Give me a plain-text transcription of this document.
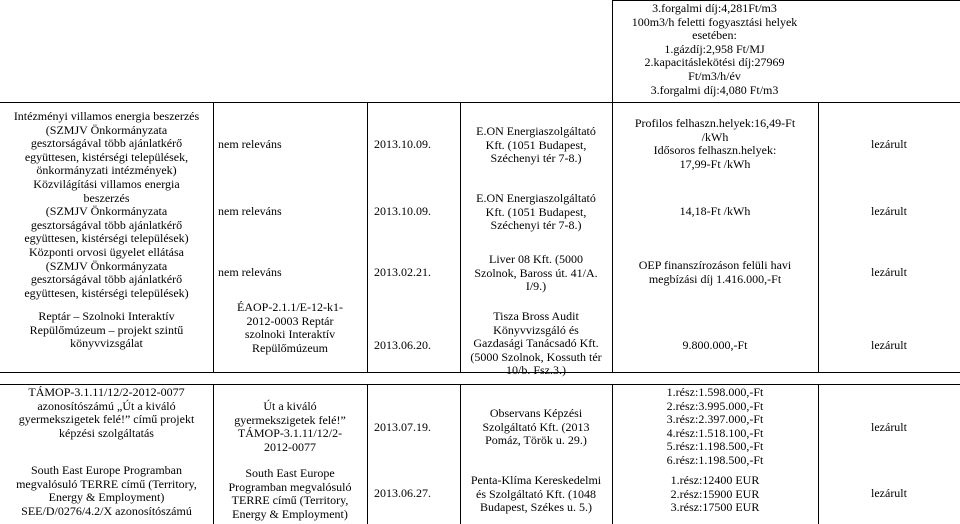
3.forgalmi díj:4,281Ft/m3
100m3/h feletti fogyasztási helyek
esetében:
1.gázdíj:2,958 Ft/MJ
2.kapacitáslekötési díj:27969
Ft/m3/h/év
3.forgalmi díj:4,080 Ft/m3
Intézményi villamos energia beszerzés
(SZMJV Önkormányzata
gesztorságával több ajánlatkérő
együttesen, kistérségi települések,
önkormányzati intézmények)
Közvilágítási villamos energia
beszerzés
(SZMJV Önkormányzata
gesztorságával több ajánlatkérő
együttesen, kistérségi települések)
Központi orvosi ügyelet ellátása
(SZMJV Önkormányzata
gesztorságával több ajánlatkérő
együttesen, kistérségi települések)
Reptár – Szolnoki Interaktív
Repülőmúzeum – projekt szintű
könyvvizsgálat
nem releváns
nem releváns
nem releváns
ÉAOP-2.1.1/E-12-k1-
2012-0003 Reptár
szolnoki Interaktív
Repülőmúzeum
2013.10.09.
2013.10.09.
2013.02.21.
2013.06.20.
E.ON Energiaszolgáltató
Kft. (1051 Budapest,
Széchenyi tér 7-8.)
E.ON Energiaszolgáltató
Kft. (1051 Budapest,
Széchenyi tér 7-8.)
Liver 08 Kft. (5000
Szolnok, Baross út. 41/A.
I/9.)
Tisza Bross Audit
Könyvvizsgáló és
Gazdasági Tanácsadó Kft.
(5000 Szolnok, Kossuth tér
10/b. Fsz.3.)
Profilos felhaszn.helyek:16,49-Ft
/kWh
Idősoros felhaszn.helyek:
17,99-Ft /kWh
14,18-Ft /kWh
OEP finanszírozáson felüli havi
megbízási díj 1.416.000,-Ft
9.800.000,-Ft
lezárult
lezárult
lezárult
lezárult
TÁMOP-3.1.11/12/2-2012-0077
azonosítószámú „Út a kiváló
gyermekszigetek felé!” című projekt
képzési szolgáltatás
South East Europe Programban
megvalósuló TERRE című (Territory,
Energy & Employment)
SEE/D/0276/4.2/X azonosítószámú
Út a kiváló
gyermekszigetek felé!”
TÁMOP-3.1.11/12/2-
2012-0077
South East Europe
Programban megvalósuló
TERRE című (Territory,
Energy & Employment)
2013.07.19.
2013.06.27.
Observans Képzési
Szolgáltató Kft. (2013
Pomáz, Török u. 29.)
Penta-Klíma Kereskedelmi
és Szolgáltató Kft. (1048
Budapest, Székes u. 5.)
1.rész:1.598.000,-Ft
2.rész:3.995.000,-Ft
3.rész:2.397.000,-Ft
4.rész:1.518.100,-Ft
5.rész:1.198.500,-Ft
6.rész:1.198.500,-Ft
1.rész:12400 EUR
2.rész:15900 EUR
3.rész:17500 EUR
lezárult
lezárult
